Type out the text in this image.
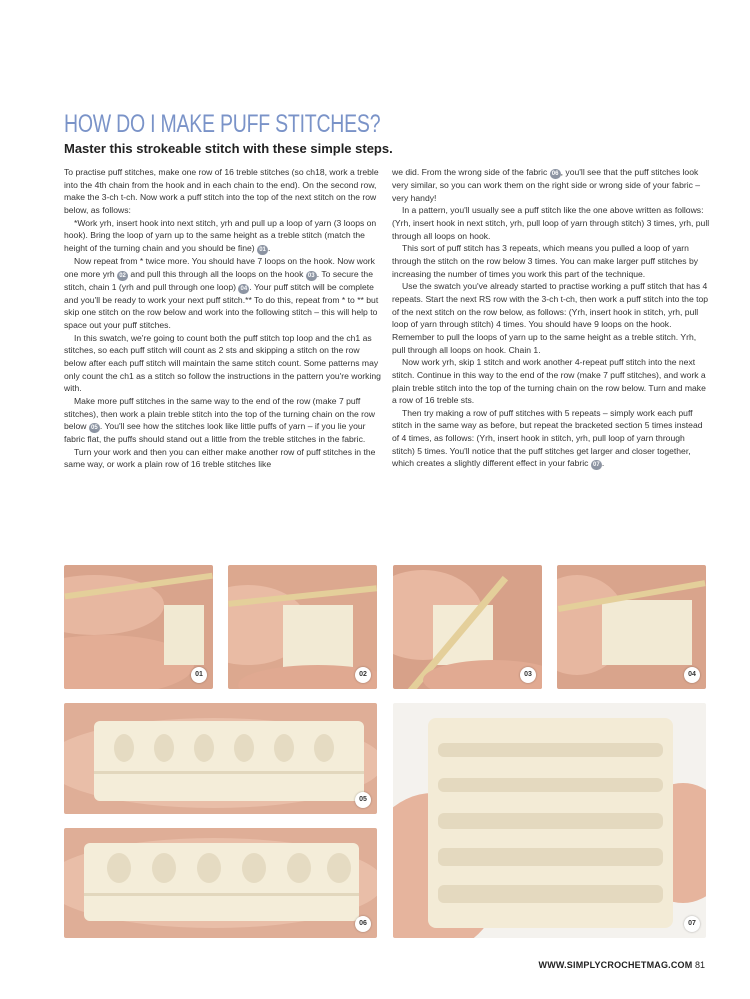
HOW DO I MAKE PUFF STITCHES?
Master this strokeable stitch with these simple steps.

To practise puff stitches, make one row of 16 treble stitches (so ch18, work a treble into the 4th chain from the hook and in each chain to the end). On the second row, make the 3-ch t-ch. Now work a puff stitch into the top of the next stitch on the row below, as follows:

*Work yrh, insert hook into next stitch, yrh and pull up a loop of yarn (3 loops on hook). Bring the loop of yarn up to the same height as a treble stitch (match the height of the turning chain and you should be fine) 01 .

Now repeat from * twice more. You should have 7 loops on the hook. Now work one more yrh 02 and pull this through all the loops on the hook 03 . To secure the stitch, chain 1 (yrh and pull through one loop) 04 . Your puff stitch will be complete and you'll be ready to work your next puff stitch.** To do this, repeat from * to ** but skip one stitch on the row below and work into the following stitch – this will help to space out your puff stitches.

In this swatch, we're going to count both the puff stitch top loop and the ch1 as stitches, so each puff stitch will count as 2 sts and skipping a stitch on the row below after each puff stitch will maintain the same stitch count. Some patterns may only count the ch1 as a stitch so follow the instructions in the pattern you're working with.

Make more puff stitches in the same way to the end of the row (make 7 puff stitches), then work a plain treble stitch into the top of the turning chain on the row below 05 . You'll see how the stitches look like little puffs of yarn – if you lie your fabric flat, the puffs should stand out a little from the treble stitches in the fabric.

Turn your work and then you can either make another row of puff stitches in the same way, or work a plain row of 16 treble stitches like

we did. From the wrong side of the fabric 06 , you'll see that the puff stitches look very similar, so you can work them on the right side or wrong side of your fabric – very handy!

In a pattern, you'll usually see a puff stitch like the one above written as follows: (Yrh, insert hook in next stitch, yrh, pull loop of yarn through stitch) 3 times, yrh, pull through all loops on hook.

This sort of puff stitch has 3 repeats, which means you pulled a loop of yarn through the stitch on the row below 3 times. You can make larger puff stitches by increasing the number of times you work this part of the technique.

Use the swatch you've already started to practise working a puff stitch that has 4 repeats. Start the next RS row with the 3-ch t-ch, then work a puff stitch into the top of the next stitch on the row below, as follows: (Yrh, insert hook in stitch, yrh, pull loop of yarn through stitch) 4 times. You should have 9 loops on the hook. Remember to pull the loops of yarn up to the same height as a treble stitch. Yrh, pull through all loops on hook. Chain 1.

Now work yrh, skip 1 stitch and work another 4-repeat puff stitch into the next stitch. Continue in this way to the end of the row (make 7 puff stitches), and work a plain treble stitch into the top of the turning chain on the row below. Turn and make a row of 16 treble sts.

Then try making a row of puff stitches with 5 repeats – simply work each puff stitch in the same way as before, but repeat the bracketed section 5 times instead of 4 times, as follows: (Yrh, insert hook in stitch, yrh, pull loop of yarn through stitch) 5 times. You'll notice that the puff stitches get larger and closer together, which creates a slightly different effect in your fabric 07 .

01	02	03	04
05
06	07
WWW.SIMPLYCROCHETMAG.COM 81
